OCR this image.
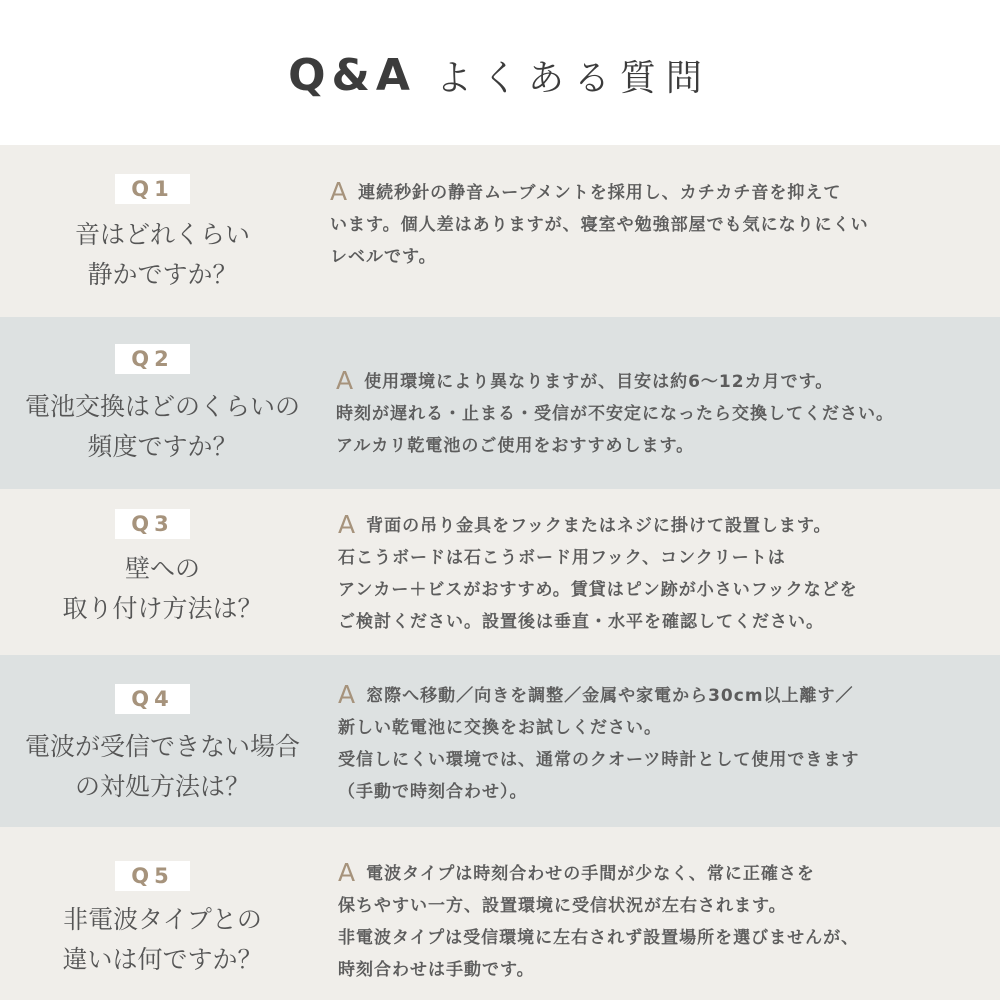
Q&A よくある質問
Q1
音はどれくらい
静かですか？
A 連続秒針の静音ムーブメントを採用し、カチカチ音を抑えて
います。個人差はありますが、寝室や勉強部屋でも気になりにくい
レベルです。
Q2
電池交換はどのくらいの
頻度ですか？
A 使用環境により異なりますが、目安は約6～12カ月です。
時刻が遅れる・止まる・受信が不安定になったら交換してください。
アルカリ乾電池のご使用をおすすめします。
Q3
壁への
取り付け方法は？
A 背面の吊り金具をフックまたはネジに掛けて設置します。
石こうボードは石こうボード用フック、コンクリートは
アンカー＋ビスがおすすめ。賃貸はピン跡が小さいフックなどを
ご検討ください。設置後は垂直・水平を確認してください。
Q4
電波が受信できない場合
の対処方法は？
A 窓際へ移動／向きを調整／金属や家電から30cm以上離す／
新しい乾電池に交換をお試しください。
受信しにくい環境では、通常のクオーツ時計として使用できます
（手動で時刻合わせ）。
Q5
非電波タイプとの
違いは何ですか？
A 電波タイプは時刻合わせの手間が少なく、常に正確さを
保ちやすい一方、設置環境に受信状況が左右されます。
非電波タイプは受信環境に左右されず設置場所を選びませんが、
時刻合わせは手動です。
